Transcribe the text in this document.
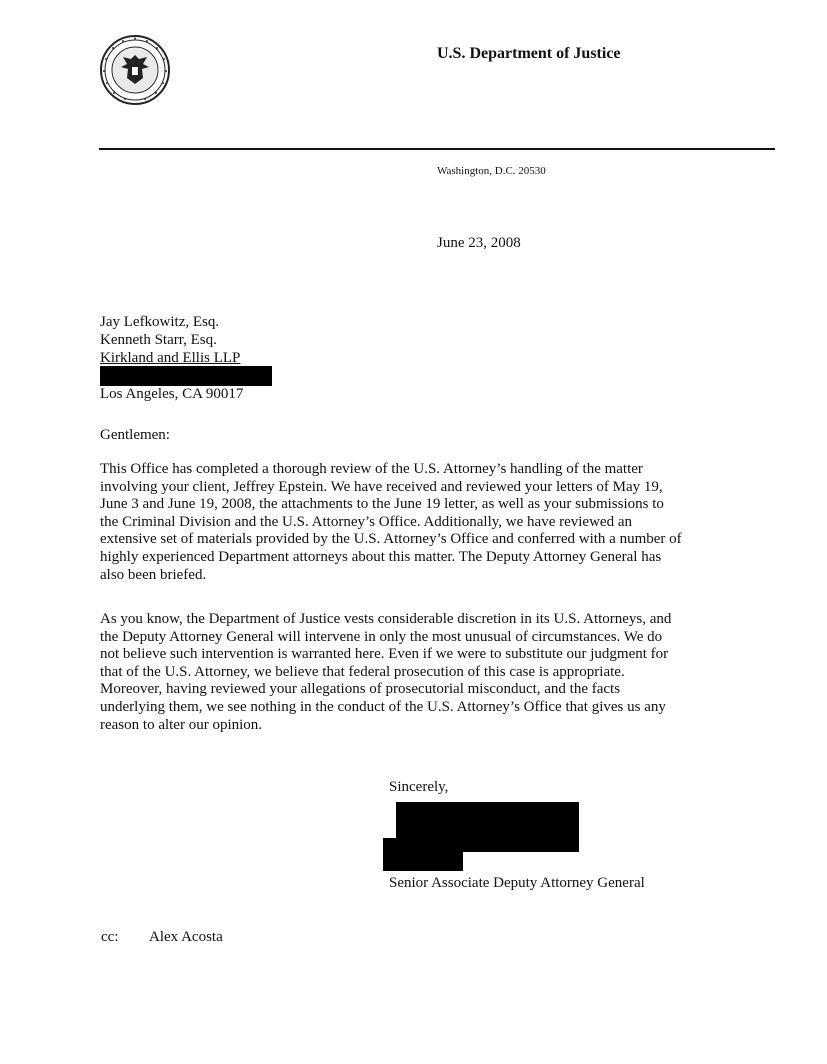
U.S. Department of Justice
Washington, D.C. 20530
June 23, 2008
Jay Lefkowitz, Esq.
Kenneth Starr, Esq.
Kirkland and Ellis LLP
Los Angeles, CA 90017
Gentlemen:
This Office has completed a thorough review of the U.S. Attorney’s handling of the matter
involving your client, Jeffrey Epstein. We have received and reviewed your letters of May 19,
June 3 and June 19, 2008, the attachments to the June 19 letter, as well as your submissions to
the Criminal Division and the U.S. Attorney’s Office. Additionally, we have reviewed an
extensive set of materials provided by the U.S. Attorney’s Office and conferred with a number of
highly experienced Department attorneys about this matter. The Deputy Attorney General has
also been briefed.
As you know, the Department of Justice vests considerable discretion in its U.S. Attorneys, and
the Deputy Attorney General will intervene in only the most unusual of circumstances. We do
not believe such intervention is warranted here. Even if we were to substitute our judgment for
that of the U.S. Attorney, we believe that federal prosecution of this case is appropriate.
Moreover, having reviewed your allegations of prosecutorial misconduct, and the facts
underlying them, we see nothing in the conduct of the U.S. Attorney’s Office that gives us any
reason to alter our opinion.
Sincerely,
Senior Associate Deputy Attorney General
cc: Alex Acosta
